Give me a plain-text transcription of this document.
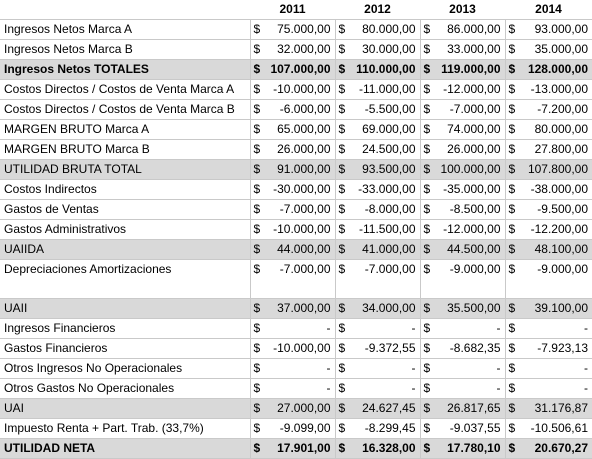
	2011	2012	2013	2014
Ingresos Netos Marca A	$ 75.000,00	$ 80.000,00	$ 86.000,00	$ 93.000,00

Ingresos Netos Marca B	$ 32.000,00	$ 30.000,00	$ 33.000,00	$ 35.000,00

Ingresos Netos TOTALES	$ 107.000,00	$ 110.000,00	$ 119.000,00	$ 128.000,00

Costos Directos / Costos de Venta Marca A	$ -10.000,00	$ -11.000,00	$ -12.000,00	$ -13.000,00

Costos Directos / Costos de Venta Marca B	$ -6.000,00	$ -5.500,00	$ -7.000,00	$ -7.200,00

MARGEN BRUTO Marca A	$ 65.000,00	$ 69.000,00	$ 74.000,00	$ 80.000,00

MARGEN BRUTO Marca B	$ 26.000,00	$ 24.500,00	$ 26.000,00	$ 27.800,00

UTILIDAD BRUTA TOTAL	$ 91.000,00	$ 93.500,00	$ 100.000,00	$ 107.800,00

Costos Indirectos	$ -30.000,00	$ -33.000,00	$ -35.000,00	$ -38.000,00

Gastos de Ventas	$ -7.000,00	$ -8.000,00	$ -8.500,00	$ -9.500,00

Gastos Administrativos	$ -10.000,00	$ -11.500,00	$ -12.000,00	$ -12.200,00

UAIIDA	$ 44.000,00	$ 41.000,00	$ 44.500,00	$ 48.100,00

Depreciaciones Amortizaciones	$ -7.000,00	$ -7.000,00	$ -9.000,00	$ -9.000,00

UAII	$ 37.000,00	$ 34.000,00	$ 35.500,00	$ 39.100,00

Ingresos Financieros	$ -	$ -	$ -	$ -

Gastos Financieros	$ -10.000,00	$ -9.372,55	$ -8.682,35	$ -7.923,13

Otros Ingresos No Operacionales	$ -	$ -	$ -	$ -

Otros Gastos No Operacionales	$ -	$ -	$ -	$ -

UAI	$ 27.000,00	$ 24.627,45	$ 26.817,65	$ 31.176,87

Impuesto Renta + Part. Trab. (33,7%)	$ -9.099,00	$ -8.299,45	$ -9.037,55	$ -10.506,61

UTILIDAD NETA	$ 17.901,00	$ 16.328,00	$ 17.780,10	$ 20.670,27
